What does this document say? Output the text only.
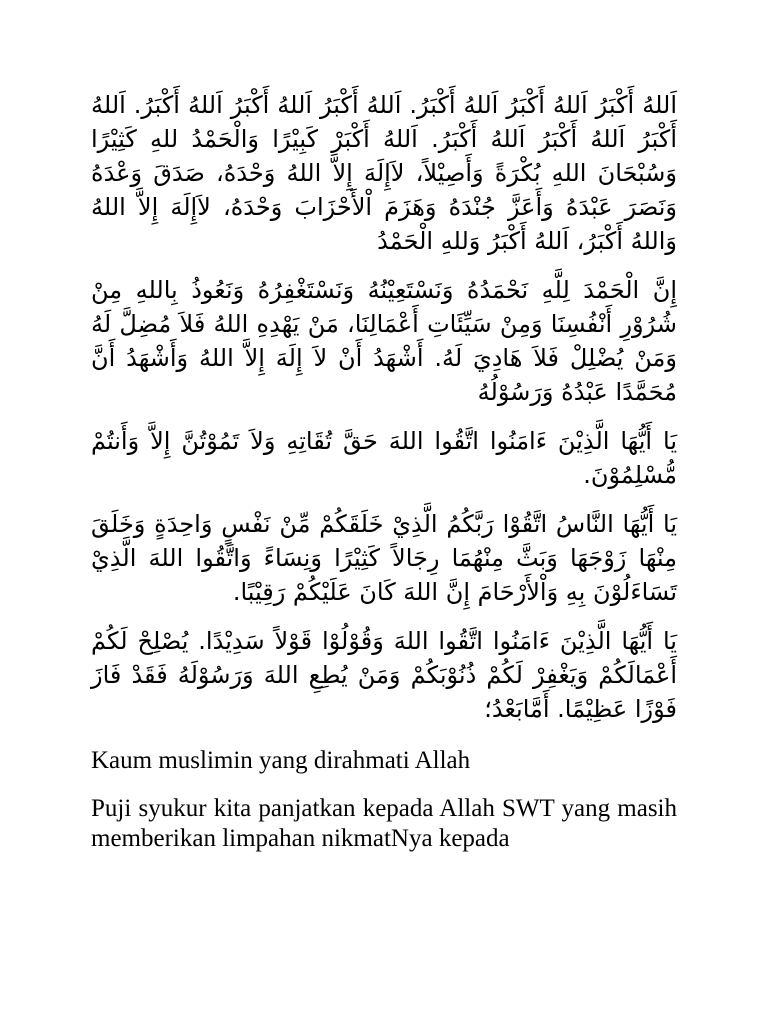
اَللهُ أَكْبَرُ اَللهُ أَكْبَرُ اَللهُ أَكْبَرُ. اَللهُ أَكْبَرُ اَللهُ أَكْبَرُ اَللهُ أَكْبَرُ. اَللهُ أَكْبَرُ اَللهُ أَكْبَرُ اَللهُ أَكْبَرُ. اَللهُ أَكْبَرْ كَبِيْرًا وَالْحَمْدُ للهِ كَثِيْرًا وَسُبْحَانَ اللهِ بُكْرَةً وَأَصِيْلاً، لاَإِلَهَ إِلاَّ اللهُ وَحْدَهُ، صَدَقَ وَعْدَهُ وَنَصَرَ عَبْدَهُ وَأَعَزَّ جُنْدَهُ وَهَزَمَ اْلأَحْزَابَ وَحْدَهُ، لاَإِلَهَ إِلاَّ اللهُ وَاللهُ أَكْبَرُ، اَللهُ أَكْبَرُ وَللهِ الْحَمْدُ

إِنَّ الْحَمْدَ لِلَّهِ نَحْمَدُهُ وَنَسْتَعِيْنُهُ وَنَسْتَغْفِرُهُ وَنَعُوذُ بِاللهِ مِنْ شُرُوْرِ أَنْفُسِنَا وَمِنْ سَيِّئَاتِ أَعْمَالِنَا، مَنْ يَهْدِهِ اللهُ فَلاَ مُضِلَّ لَهُ وَمَنْ يُضْلِلْ فَلاَ هَادِيَ لَهُ. أَشْهَدُ أَنْ لاَ إِلَهَ إِلاَّ اللهُ وَأَشْهَدُ أَنَّ مُحَمَّدًا عَبْدُهُ وَرَسُوْلُهُ

يَا أَيُّهَا الَّذِيْنَ ءَامَنُوا اتَّقُوا اللهَ حَقَّ تُقَاتِهِ وَلاَ تَمُوْتُنَّ إِلاَّ وَأَنتُمْ مُّسْلِمُوْنَ.

يَا أَيُّهَا النَّاسُ اتَّقُوْا رَبَّكُمُ الَّذِيْ خَلَقَكُمْ مِّنْ نَفْسٍ وَاحِدَةٍ وَخَلَقَ مِنْهَا زَوْجَهَا وَبَثَّ مِنْهُمَا رِجَالاً كَثِيْرًا وَنِسَاءً وَاتَّقُوا اللهَ الَّذِيْ تَسَاءَلُوْنَ بِهِ وَاْلأَرْحَامَ إِنَّ اللهَ كَانَ عَلَيْكُمْ رَقِيْبًا.

يَا أَيُّهَا الَّذِيْنَ ءَامَنُوا اتَّقُوا اللهَ وَقُوْلُوْا قَوْلاً سَدِيْدًا. يُصْلِحْ لَكُمْ أَعْمَالَكُمْ وَيَغْفِرْ لَكُمْ ذُنُوْبَكُمْ وَمَنْ يُطِعِ اللهَ وَرَسُوْلَهُ فَقَدْ فَازَ فَوْزًا عَظِيْمًا. أَمَّابَعْدُ؛

Kaum muslimin yang dirahmati Allah

Puji syukur kita panjatkan kepada Allah SWT yang masih memberikan limpahan nikmatNya kepada
